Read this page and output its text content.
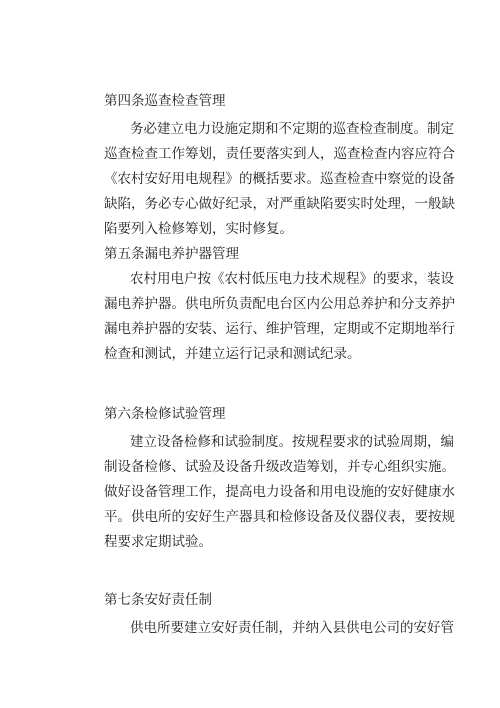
第四条巡查检查管理
务必建立电力设施定期和不定期的巡查检查制度。制定
巡查检查工作筹划，责任要落实到人，巡查检查内容应符合
《农村安好用电规程》的概括要求。巡查检查中察觉的设备
缺陷，务必专心做好纪录，对严重缺陷要实时处理，一般缺
陷要列入检修筹划，实时修复。
第五条漏电养护器管理
农村用电户按《农村低压电力技术规程》的要求，装设
漏电养护器。供电所负责配电台区内公用总养护和分支养护
漏电养护器的安装、运行、维护管理，定期或不定期地举行
检查和测试，并建立运行记录和测试纪录。
第六条检修试验管理
建立设备检修和试验制度。按规程要求的试验周期，编
制设备检修、试验及设备升级改造筹划，并专心组织实施。
做好设备管理工作，提高电力设备和用电设施的安好健康水
平。供电所的安好生产器具和检修设备及仪器仪表，要按规
程要求定期试验。
第七条安好责任制
供电所要建立安好责任制，并纳入县供电公司的安好管
